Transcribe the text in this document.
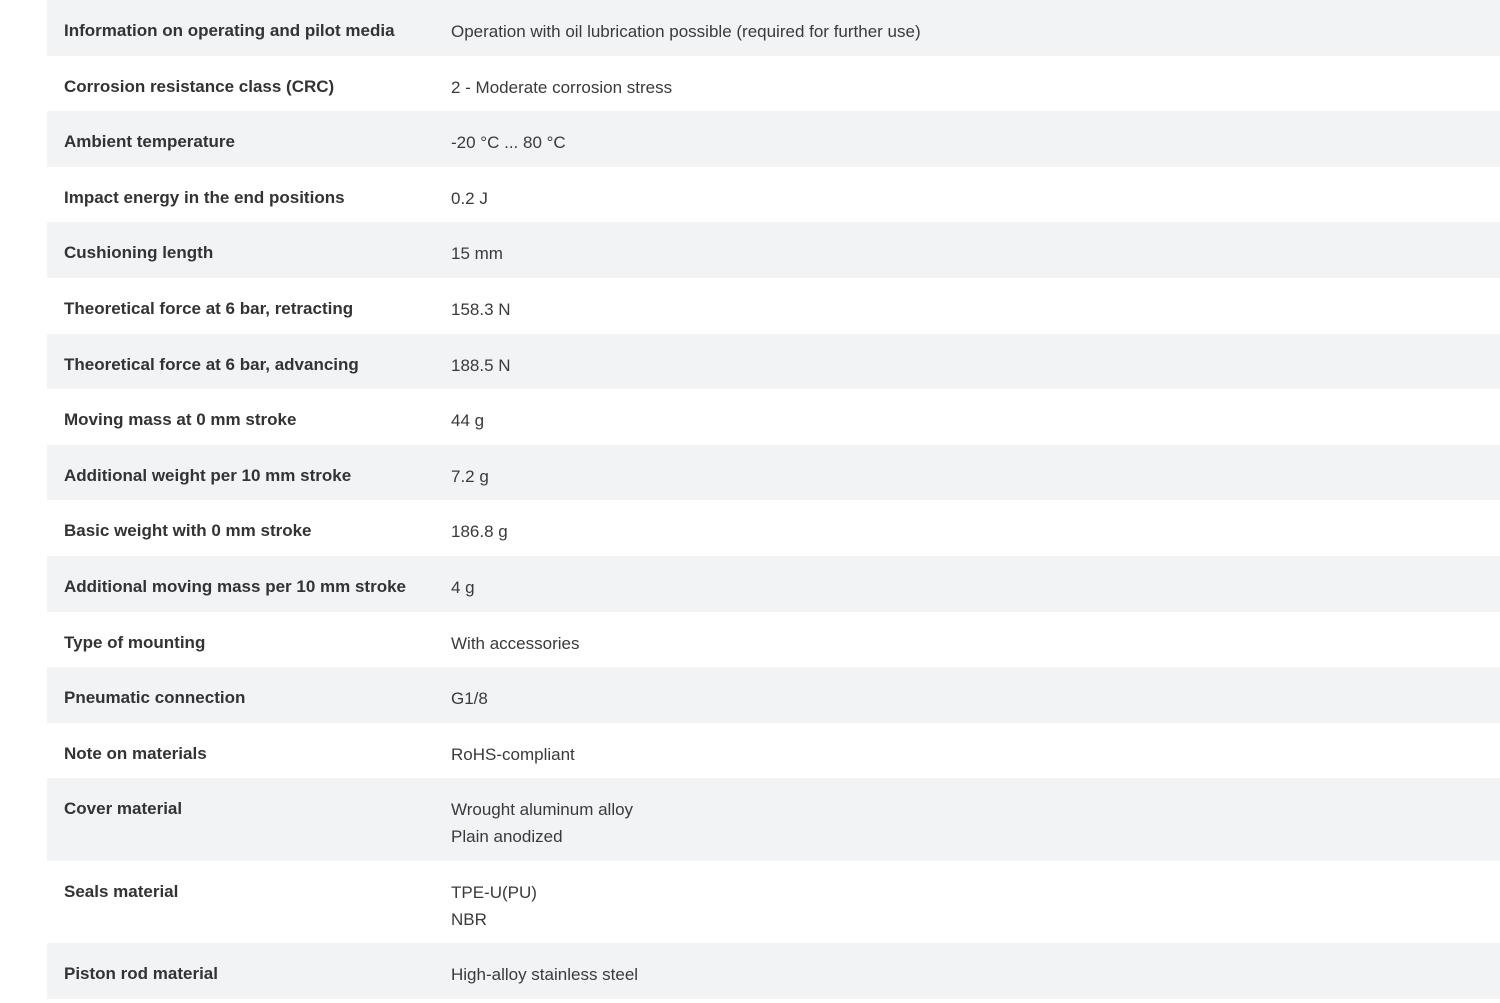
Information on operating and pilot media	Operation with oil lubrication possible (required for further use)
Corrosion resistance class (CRC)	2 - Moderate corrosion stress
Ambient temperature	-20 °C ... 80 °C
Impact energy in the end positions	0.2 J
Cushioning length	15 mm
Theoretical force at 6 bar, retracting	158.3 N
Theoretical force at 6 bar, advancing	188.5 N
Moving mass at 0 mm stroke	44 g
Additional weight per 10 mm stroke	7.2 g
Basic weight with 0 mm stroke	186.8 g
Additional moving mass per 10 mm stroke	4 g
Type of mounting	With accessories
Pneumatic connection	G1/8
Note on materials	RoHS-compliant
Cover material	Wrought aluminum alloy
Plain anodized
Seals material	TPE-U(PU)
NBR
Piston rod material	High-alloy stainless steel
